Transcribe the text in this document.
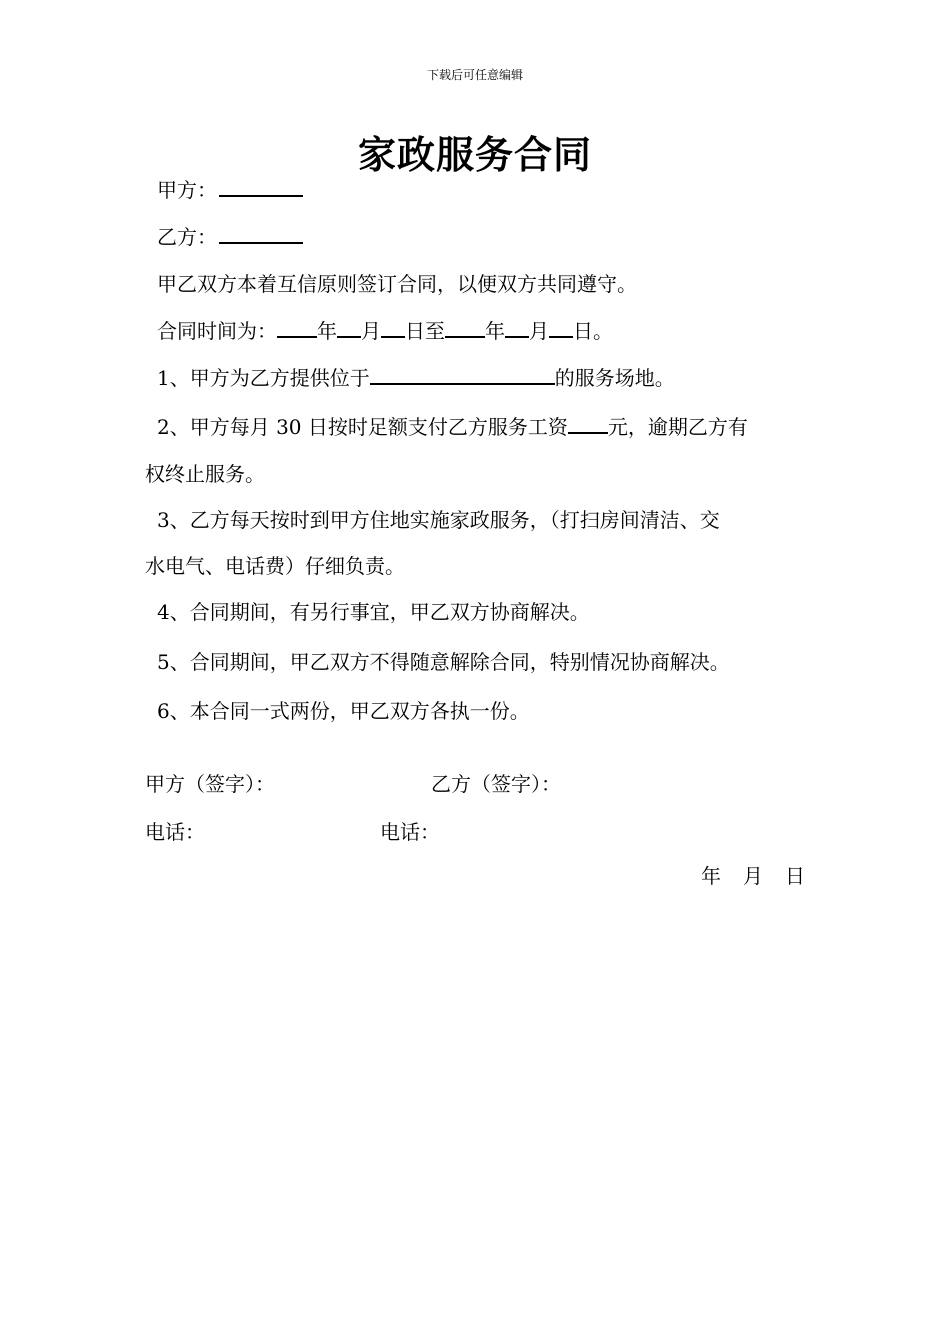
下载后可任意编辑
家政服务合同
甲方：
乙方：
甲乙双方本着互信原则签订合同，以便双方共同遵守。
合同时间为： 年 月 日至 年 月 日。
1、甲方为乙方提供位于	的服务场地。
2、甲方每月 30 日按时足额支付乙方服务工资 元，逾期乙方有
权终止服务。
3、乙方每天按时到甲方住地实施家政服务，（打扫房间清洁、交
水电气、电话费）仔细负责。
4、合同期间，有另行事宜，甲乙双方协商解决。
5、合同期间，甲乙双方不得随意解除合同，特别情况协商解决。
6、本合同一式两份，甲乙双方各执一份。
甲方（签字）：	乙方（签字）：
电话：	电话：
年 月 日
